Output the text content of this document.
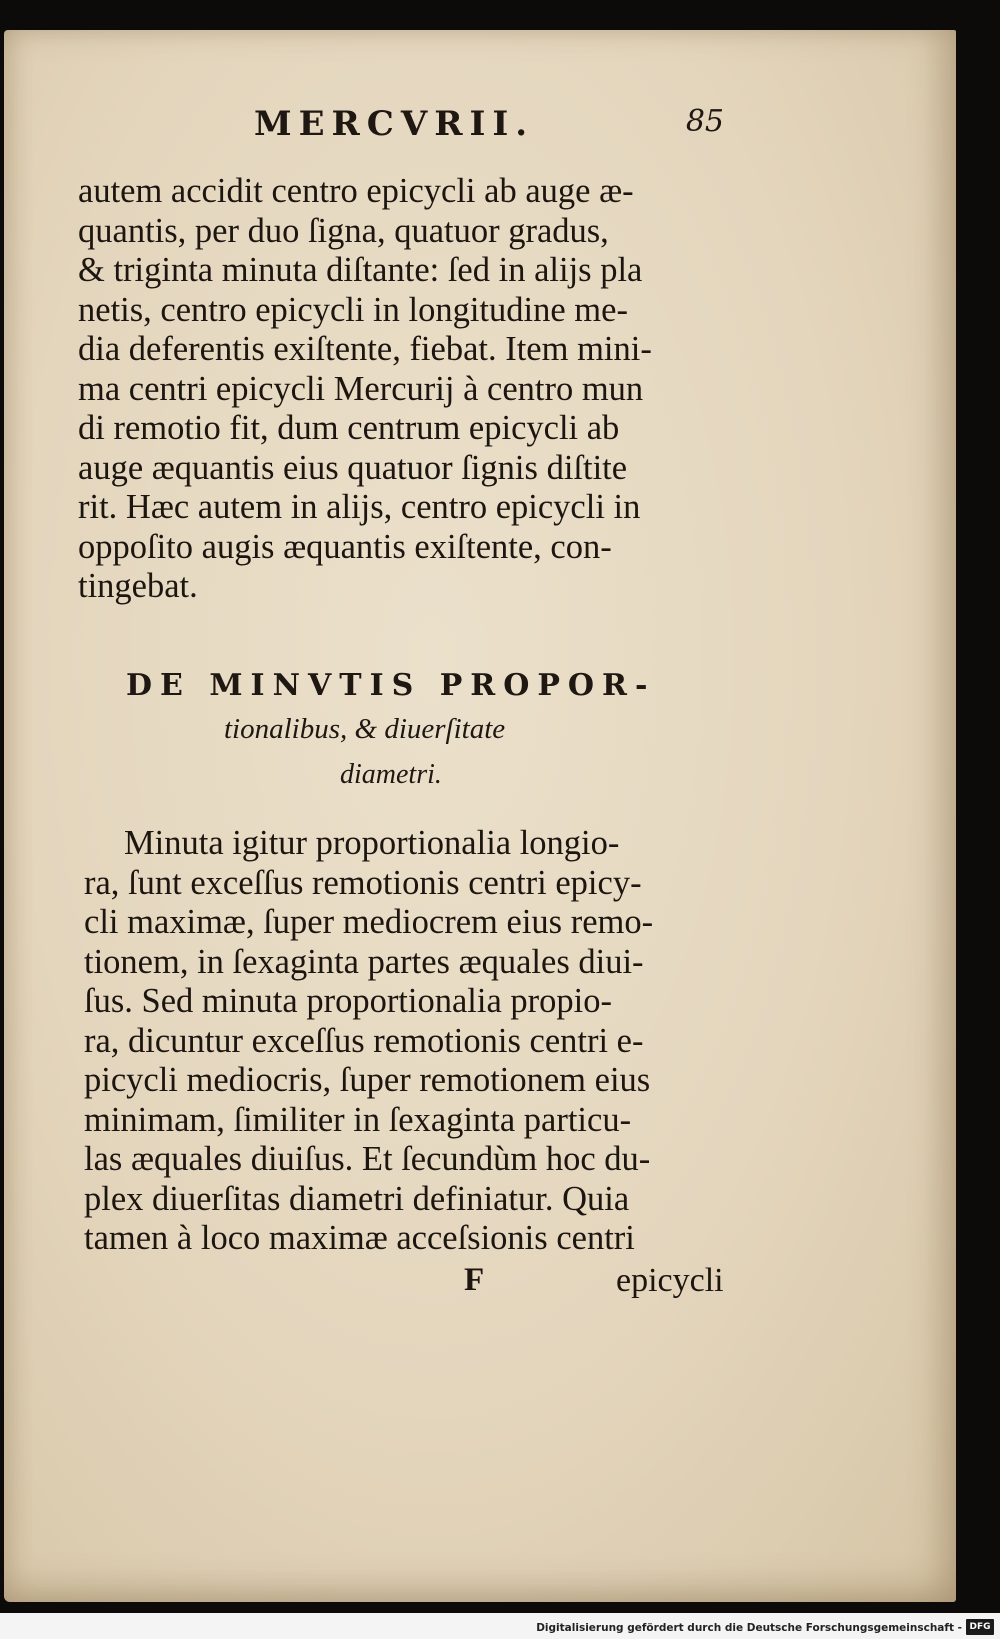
MERCVRII.	85
autem accidit centro epicycli ab auge æ-
quantis, per duo ſigna, quatuor gradus,
& triginta minuta diſtante: ſed in alijs pla
netis, centro epicycli in longitudine me-
dia deferentis exiſtente, fiebat. Item mini-
ma centri epicycli Mercurij à centro mun
di remotio fit, dum centrum epicycli ab
auge æquantis eius quatuor ſignis diſtite
rit. Hæc autem in alijs, centro epicycli in
oppoſito augis æquantis exiſtente, con-
tingebat.
DE MINVTIS PROPOR-
tionalibus, & diuerſitate
diametri.
Minuta igitur proportionalia longio-
ra, ſunt exceſſus remotionis centri epicy-
cli maximæ, ſuper mediocrem eius remo-
tionem, in ſexaginta partes æquales diui-
ſus. Sed minuta proportionalia propio-
ra, dicuntur exceſſus remotionis centri e-
picycli mediocris, ſuper remotionem eius
minimam, ſimiliter in ſexaginta particu-
las æquales diuiſus. Et ſecundùm hoc du-
plex diuerſitas diametri definiatur. Quia
tamen à loco maximæ acceſsionis centri
F	epicycli
Digitalisierung gefördert durch die Deutsche Forschungsgemeinschaft - DFG
